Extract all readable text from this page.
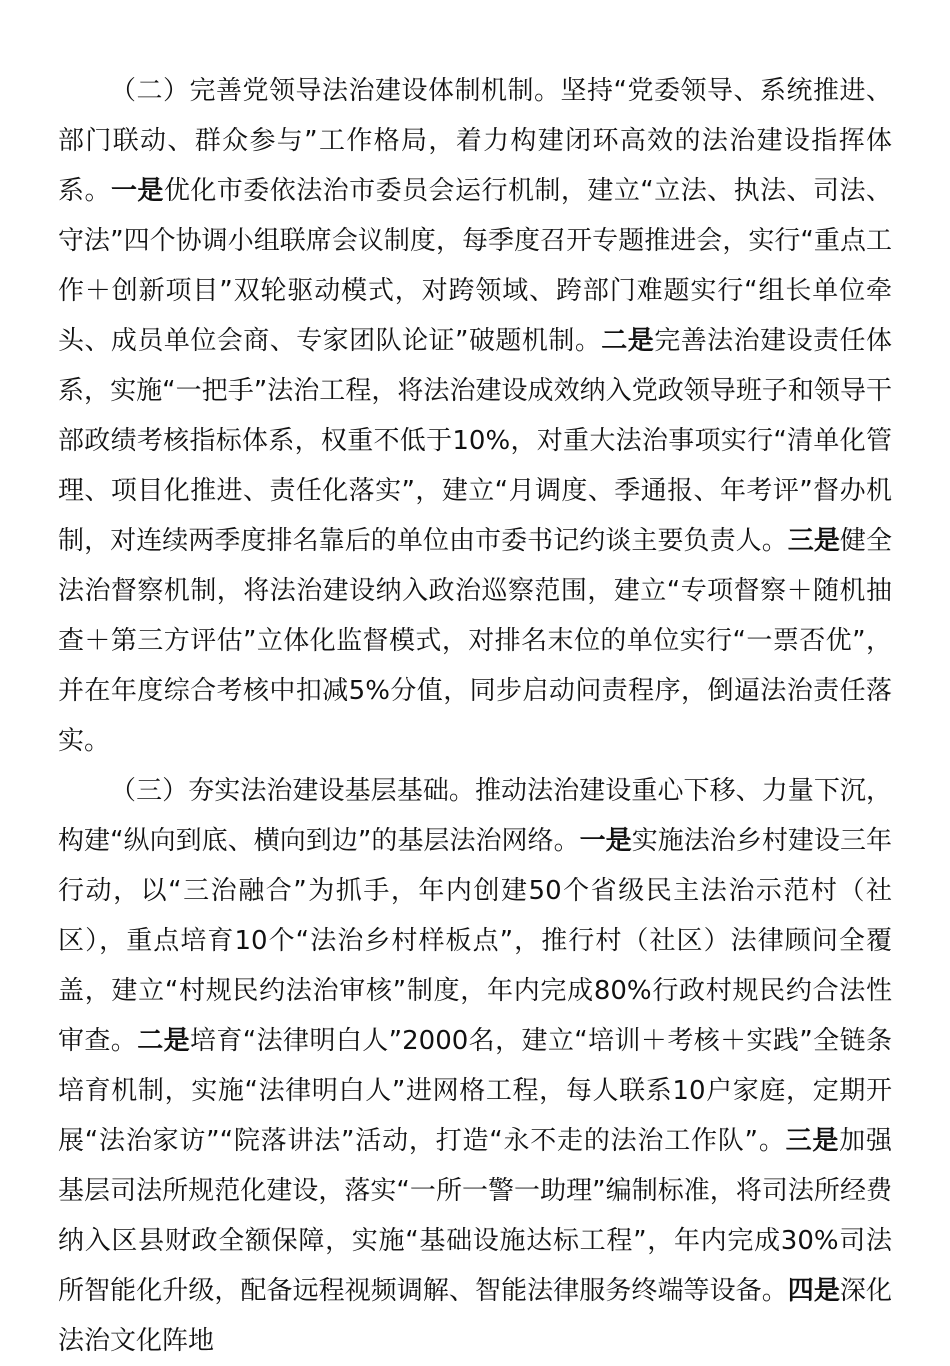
（二）完善党领导法治建设体制机制。坚持“党委领导、系统推进、部门联动、群众参与”工作格局，着力构建闭环高效的法治建设指挥体系。一是优化市委依法治市委员会运行机制，建立“立法、执法、司法、守法”四个协调小组联席会议制度，每季度召开专题推进会，实行“重点工作＋创新项目”双轮驱动模式，对跨领域、跨部门难题实行“组长单位牵头、成员单位会商、专家团队论证”破题机制。二是完善法治建设责任体系，实施“一把手”法治工程，将法治建设成效纳入党政领导班子和领导干部政绩考核指标体系，权重不低于10%，对重大法治事项实行“清单化管理、项目化推进、责任化落实”，建立“月调度、季通报、年考评”督办机制，对连续两季度排名靠后的单位由市委书记约谈主要负责人。三是健全法治督察机制，将法治建设纳入政治巡察范围，建立“专项督察＋随机抽查＋第三方评估”立体化监督模式，对排名末位的单位实行“一票否优”，并在年度综合考核中扣减5%分值，同步启动问责程序，倒逼法治责任落实。

（三）夯实法治建设基层基础。推动法治建设重心下移、力量下沉，构建“纵向到底、横向到边”的基层法治网络。一是实施法治乡村建设三年行动，以“三治融合”为抓手，年内创建50个省级民主法治示范村（社区），重点培育10个“法治乡村样板点”，推行村（社区）法律顾问全覆盖，建立“村规民约法治审核”制度，年内完成80%行政村规民约合法性审查。二是培育“法律明白人”2000名，建立“培训＋考核＋实践”全链条培育机制，实施“法律明白人”进网格工程，每人联系10户家庭，定期开展“法治家访”“院落讲法”活动，打造“永不走的法治工作队”。三是加强基层司法所规范化建设，落实“一所一警一助理”编制标准，将司法所经费纳入区县财政全额保障，实施“基础设施达标工程”，年内完成30%司法所智能化升级，配备远程视频调解、智能法律服务终端等设备。四是深化法治文化阵地
